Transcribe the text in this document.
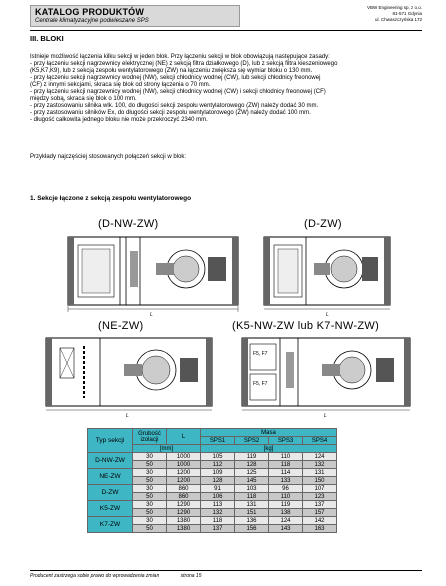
KATALOG PRODUKTÓW
Centrale klimatyzacyjne podwieszane SPS
VBW Engineering sp. z o.o.
81-571 Gdynia
ul. Chwaszczyńska 172
III. BLOKI
Istnieje możliwość łączenia kilku sekcji w jeden blok. Przy łączeniu sekcji w blok obowiązują następujące zasady:
- przy łączeniu sekcji nagrzewnicy elektrycznej (NE) z sekcją filtra działkowego (D), lub z sekcją filtra kieszeniowego
(K5,K7,K9), lub z sekcją zespołu wentylatorowego (ZW) na łączeniu zwiększa się wymiar bloku o 130 mm.
- przy łączeniu sekcji nagrzewnicy wodnej (NW), sekcji chłodnicy wodnej (CW), lub sekcji chłodnicy freonowej
(CF) z innymi sekcjami, skraca się blok od strony łączenia o 70 mm.
- przy łączeniu sekcji nagrzewnicy wodnej (NW), sekcji chłodnicy wodnej (CW) i sekcji chłodnicy freonowej (CF)
między sobą, skraca się blok o 100 mm.
- przy zastosowaniu silnika wlk. 100, do długości sekcji zespołu wentylatorowego (ZW) należy dodać 30 mm.
- przy zastosowaniu silników Ex, do długości sekcji zespołu wentylatorowego (ZW) należy dodać 100 mm.
- długość całkowita jednego bloku nie może przekroczyć 2340 mm.
Przykłady najczęściej stosowanych połączeń sekcji w blok:
1. Sekcje łączone z sekcją zespołu wentylatorowego
(D-NW-ZW)
L
(D-ZW)
L
(NE-ZW)
L
(K5-NW-ZW lub K7-NW-ZW)
F5, F7
F5, F7
L
Typ sekcji	Grubość izolacji	L	Masa			
			SPS1	SPS2	SPS3	SPS4
	[mm]		[kg]			
D-NW-ZW	30	1000	105	119	110	124
	50	1000	112	128	118	132
NE-ZW	30	1200	109	125	114	131
	50	1200	128	145	133	150
D-ZW	30	860	91	103	96	107
	50	860	106	118	110	123
K5-ZW	30	1290	113	131	119	137
	50	1290	132	151	138	157
K7-ZW	30	1380	118	136	124	142
	50	1380	137	156	143	163
Producent zastrzega sobie prawo do wprowadzenia zmian	strona 15
